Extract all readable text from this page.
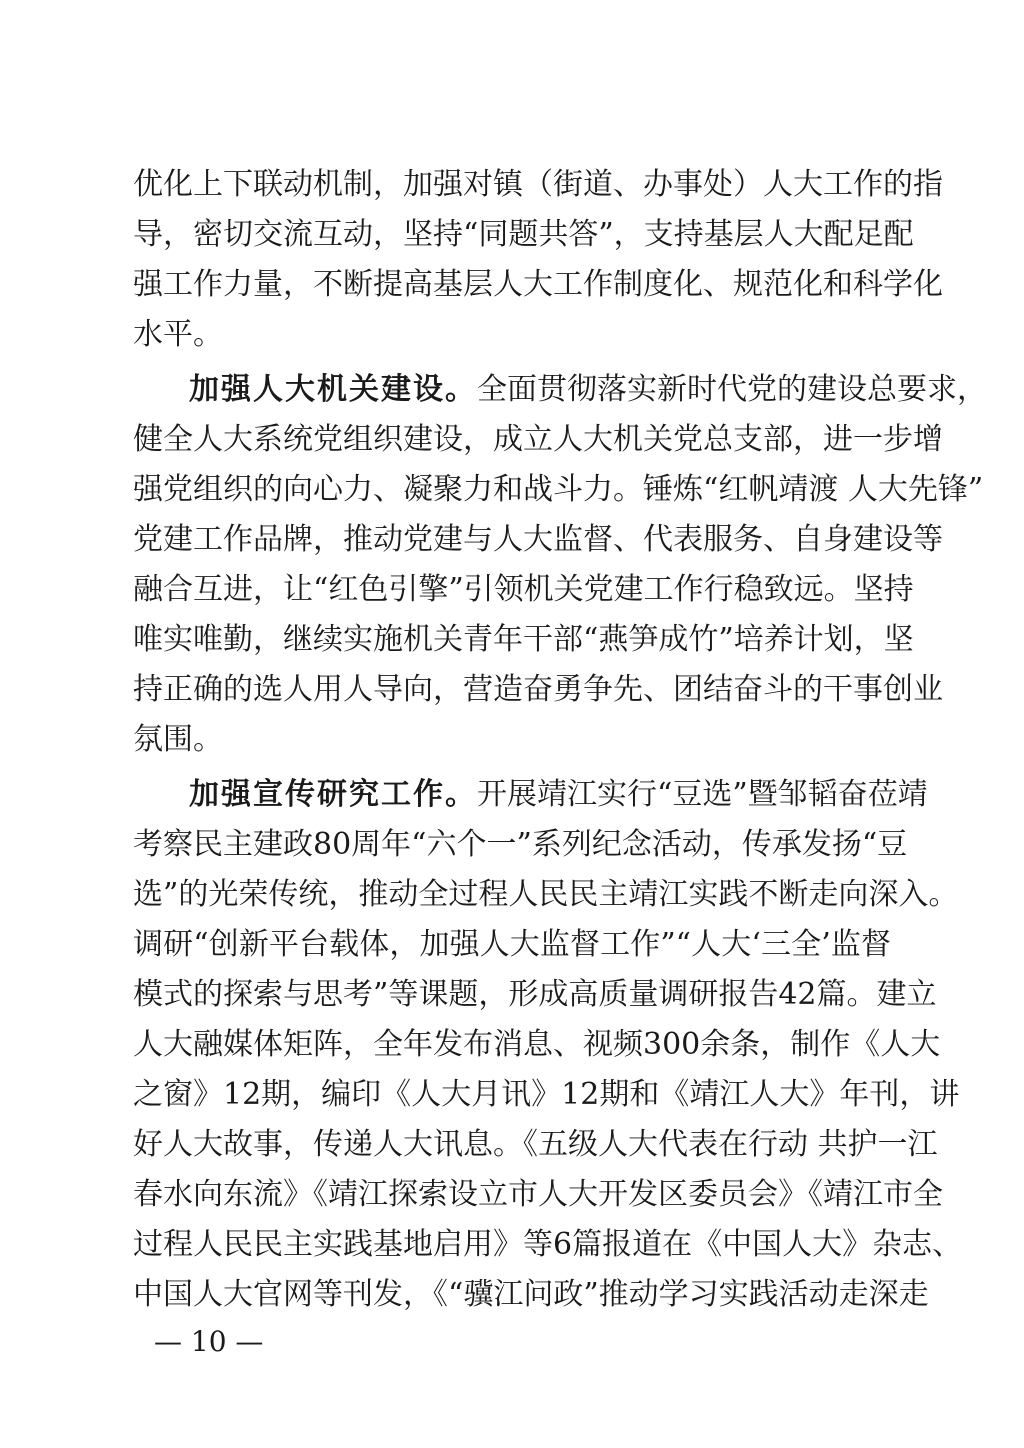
优化上下联动机制，加强对镇（街道、办事处）人大工作的指
导，密切交流互动，坚持“同题共答”，支持基层人大配足配
强工作力量，不断提高基层人大工作制度化、规范化和科学化
水平。
加强人大机关建设。全面贯彻落实新时代党的建设总要求，
健全人大系统党组织建设，成立人大机关党总支部，进一步增
强党组织的向心力、凝聚力和战斗力。锤炼“红帆靖渡 人大先锋”
党建工作品牌，推动党建与人大监督、代表服务、自身建设等
融合互进，让“红色引擎”引领机关党建工作行稳致远。坚持
唯实唯勤，继续实施机关青年干部“燕笋成竹”培养计划，坚
持正确的选人用人导向，营造奋勇争先、团结奋斗的干事创业
氛围。
加强宣传研究工作。开展靖江实行“豆选”暨邹韬奋莅靖
考察民主建政80周年“六个一”系列纪念活动，传承发扬“豆
选”的光荣传统，推动全过程人民民主靖江实践不断走向深入。
调研“创新平台载体，加强人大监督工作”“人大‘三全’监督
模式的探索与思考”等课题，形成高质量调研报告42篇。建立
人大融媒体矩阵，全年发布消息、视频300余条，制作《人大
之窗》12期，编印《人大月讯》12期和《靖江人大》年刊，讲
好人大故事，传递人大讯息。《五级人大代表在行动 共护一江
春水向东流》《靖江探索设立市人大开发区委员会》《靖江市全
过程人民民主实践基地启用》等6篇报道在《中国人大》杂志、
中国人大官网等刊发，《“骥江问政”推动学习实践活动走深走
— 10 —
